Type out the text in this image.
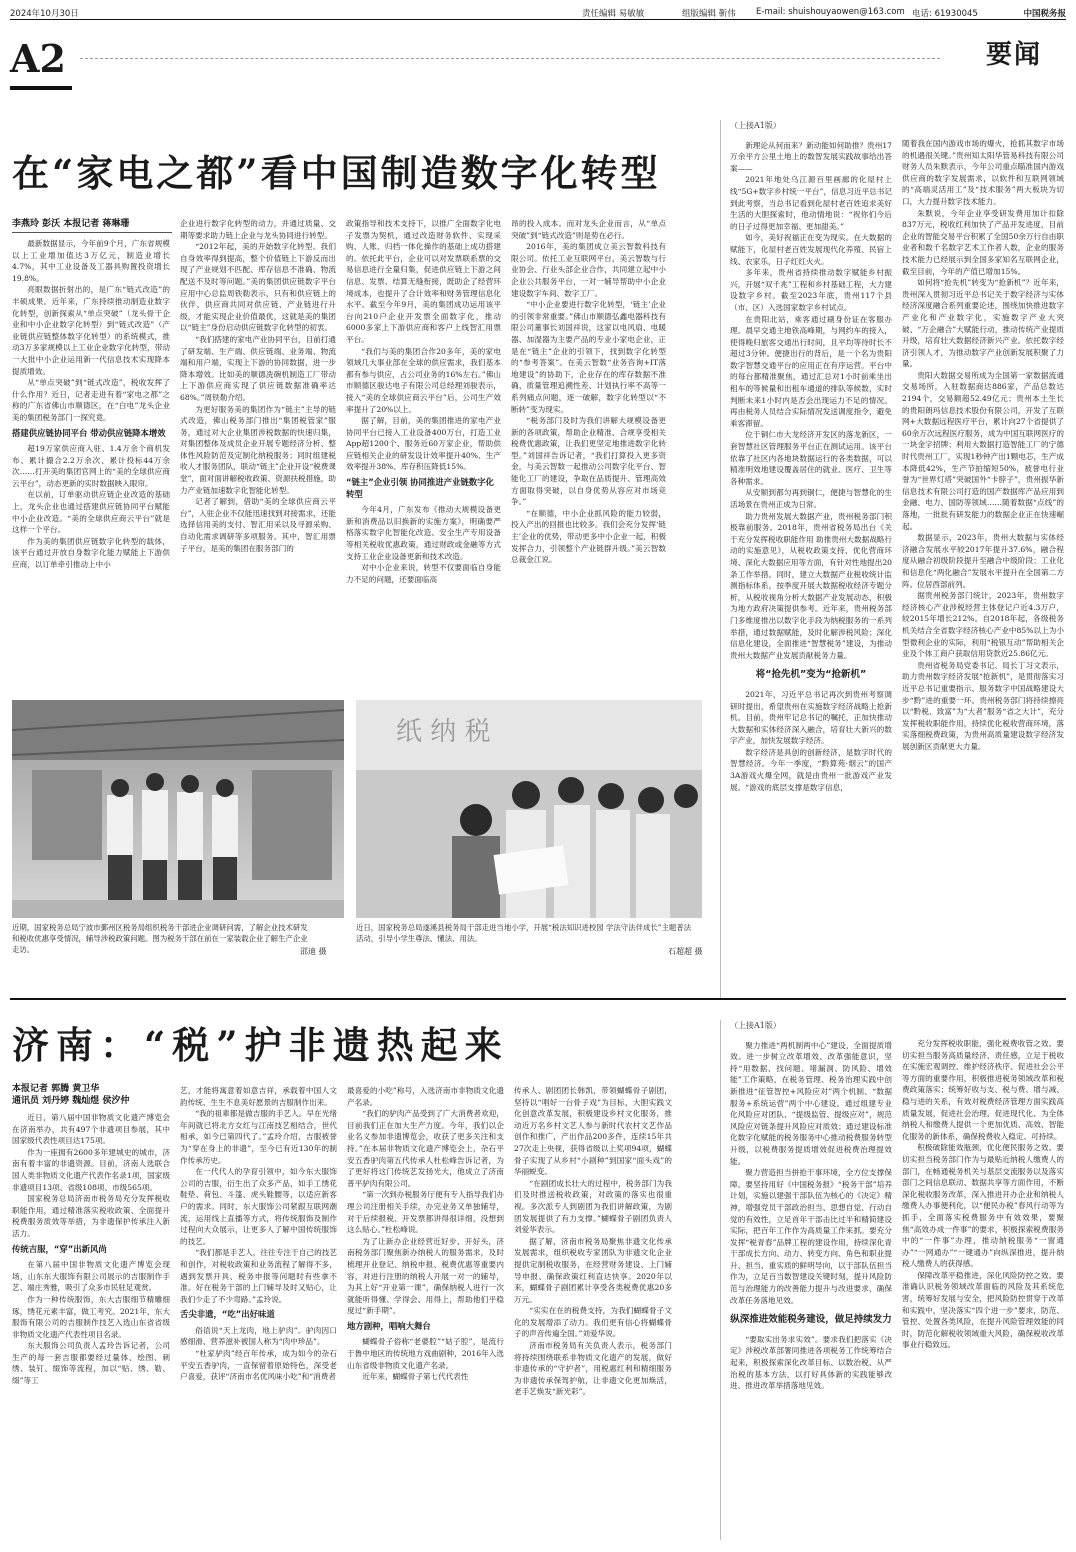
2024年10月30日	责任编辑 易敏敏	组版编辑 靳伟 E-mail: shuishouyaowen@163.com 电话: 61930045	中国税务报
A2	要闻
在“家电之都”看中国制造数字化转型
李燕玲 彭沃 本报记者 蒋琳珊

最新数据显示，今年前9个月，广东省规模以上工业增加值达3万亿元，制造业增长4.7%，其中工业设备及工器具购置投资增长19.8%。

亮眼数据折射出的，是广东“链式改造”的丰硕成果。近年来，广东持续推动制造业数字化转型，创新探索从“单点突破”（龙头骨干企业和中小企业数字化转型）到“链式改造”（产业链供应链整体数字化转型）的系统模式，推动3万多家规模以上工业企业数字化转型，带动一大批中小企业运用新一代信息技术实现降本提质增效。

从“单点突破”到“链式改造”，税收发挥了什么作用？近日，记者走进有着“家电之都”之称的广东省佛山市顺德区，在“白电”龙头企业美的集团税务部门一探究竟。

搭建供应链协同平台 带动供应链降本增效

超19万家供应商入驻、1.4万余个商机发布、累计撮合2.2万余次、累计投标44万余次……打开美的集团官网上的“美的全球供应商云平台”，动态更新的实时数据映入眼帘。

在以前，订单驱动供应链企业改造的基础上，龙头企业也通过搭建供应链协同平台赋能中小企业改造。“美的全球供应商云平台”就是这样一个平台。

作为美的集团供应链数字化转型的载体，该平台通过开放自身数字化能力赋能上下游供应商，以订单牵引推动上中小

企业进行数字化转型的动力，并通过质量、交期等要求助力链上企业与龙头协同进行转型。

“2012年起，美的开始数字化转型。我们自身效率得到提高，整个价值链上下游反而出现了产业规划不匹配、库存信息不准确、物流配送不及时等问题。”美的集团供应链数字平台应用中心总监周铁勒表示，只有和供应链上的伙伴、供应商共同对供应链、产业链进行升级，才能实现企业价值最优，这就是美的集团以“链主”身份启动供应链数字化转型的初衷。

“我们搭建的家电产业协同平台，目前打通了研发端、生产端、供应链端、业务端、物流端和用户端，实现上下游的协同数据，进一步降本增效。比如美的顺德洗碗机制造工厂带动上下游供应商实现了供应链数据准确率达68%。”周铁勒介绍。

为更好服务美的集团作为“链主”主导的链式改造，佛山税务部门推出“集团税管家”服务，通过对大企业集团涉税数据的快速归集，对集团整体及成员企业开展专题经济分析、整体性风险防范及定制化纳税服务；同时组建税收人才服务团队，联动“链主”企业开设“税费课堂”，面对面讲解税收政策、资源扶税措施，助力产业链加速数字化智能化转型。

记者了解到，借助“美的全球供应商云平台”，入驻企业不仅能迅速找到对接需求，还能选择信用美的支付、智汇用采以及寻源采购、自动化需求调研等多项服务。其中，智汇用票子平台，是美的集团在服务部门的

政策指导和技术支持下，以推广全面数字化电子发票为契机，通过改造财务软件、实现采购、人账、归档一体化操作的基础上成功搭建的。依托此平台，企业可以对发票联系票的交易信息进行全量归集，促进供应链上下游之间信息、发票、结算无缝衔接，既助企了经营环境成本，也提升了合计效率和财务管理信息化水平。截至今年9月，美的集团成功运用该平台向210户企业开发票全面数字化，推动6000多家上下游供应商和客户上线智汇用票平台。

“我们与美的集团合作20多年，美的家电领域几大事业部在全球的供应需求，我们基本都有参与供应，占公司业务的16%左右。”佛山市顺德区骏达电子有限公司总经理刘骏表示，接入“美的全球供应商云平台”后，公司生产效率提升了20%以上。

据了解，目前，美的集团推进的家电产业协同平台已接入工业设备400万台，打造工业App超1200个、服务近60万家企业，帮助供应链相关企业的研发设计效率提升40%、生产效率提升38%、库存积压降低15%。

“链主”企业引领 协同推进产业链数字化转型

今年4月，广东发布《推动大规模设备更新和消费品以旧换新的实施方案》，明确要严格落实数字化智能化改造、安全生产专用设备等相关税收优惠政策，通过财政或金融等方式支持工业企业设备更新和技术改造。

对中小企业来说，转型不仅要面临自身能力不足的问题，还要面临高

昂的投入成本。而对龙头企业而言，从“单点突破”到“链式改造”则是势在必行。

2016年，美的集团成立美云智数科技有限公司。依托工业互联网平台，美云智数与行业协会、行业头部企业合作，共同建立起中小企业公共服务平台，一对一辅导帮助中小企业建设数字车间、数字工厂。

“中小企业要进行数字化转型，‘链主’企业的引领非常重要。”佛山市顺德弘鑫电器科技有限公司董事长刘国祥说，这家以电风扇、电暖器、加湿器为主要产品的专业小家电企业，正是在“链主”企业的引领下，找到数字化转型的“参考答案”。在美云智数“业务咨询+IT落地建设”的协助下，企业存在的库存数据不准确、质量管理追溯性差、计划执行率不高等一系列痛点问题，逐一破解，数字化转型以“不断转”变为现实。

“税务部门及时为我们讲解大规模设备更新的各项政策，帮助企业精准、合规享受相关税费优惠政策，让我们更坚定地推进数字化转型。”刘国祥告诉记者，“我们打算投入更多资金，与美云智数一起推动公司数字化平台、智能化工厂的建设，争取在品质提升、管理高效方面取得突破，以自身优势从容应对市场竞争。”

“在顺德，中小企业抓风险的能力较弱，投入产出的回报也比较多。我们会充分发挥‘链主’企业的优势，带动更多中小企业一起，积极发挥合力，引领整个产业链群升级。”美云智数总裁金江说。

近期，国家税务总局宁波市鄞州区税务局组织税务干部进企业调研问需，了解企业技术研发和税收优惠享受情况，辅导涉税政策问题。图为税务干部在前在一家装载企业了解生产企业走访。	邵迪 摄
纸 纳 税
近日，国家税务总局遂溪县税务局干部走进当地小学，开展“税法知识进校园 学法守法伴成长”主题普法活动，引导小学生尊法、懂法、用法。
石超超 摄
（上接A1版）

新理论从何而来？新动能如何助推？贵州17万余平方公里土地上的数智发展实践故事给出答案——

2021年地处乌江源百里画廊的化屋村上线“5G+数字乡村统一平台”，信息习近平总书记到此考察，当总书记看到化屋村老百姓追求美好生活的大胆探索时，他动情地说：“祝你们今后的日子过得更加幸福、更加甜美。”

如今，美好祝福正在变为现实。在大数据的赋能下，化屋村老百姓发展现代化养殖、民宿上线、农家乐，日子红红火火。

多年来，贵州省持续推动数字赋能乡村振兴，开展“双千兆”工程和乡村基础工程，大力建设数字乡村。截至2023年底，贵州117个县（市、区）入选国家数字乡村试点。

在贵阳北站，乘客通过刷身份证在客服办理。晨早交通主地铁高峰期，与网约车的接入，使得晚归旅客交通出行时间，且平均等待时长不超过3分钟。便捷出行的背后，是一个名为贵阳数字智慧交通平台的应用正在有序运营。平台中的每台都精准聚焦，通过汇总对1小时前乘坐出租车的等候量和出租车通道的排队等候数，实时判断未来1小时内是否会出现运力不足的情况。再由税务人员结合实际情况发送调度指令，避免乘客滞留。

位于铜仁市大龙经济开发区的落龙新区，一套智慧社区管理服务平台正在测试运用。该平台依靠了社区内各地块数据运行的各类数据，可以精准明效地建设覆盖居住的就业、医疗、卫生等各种需求。

从安顺到都匀再到铜仁，便捷与智慧化的生活场景在贵州正成为日常。

助力贵州发展大数据产业，贵州税务部门积极靠前服务。2018年，贵州省税务局出台《关于充分发挥税收职能作用 助推贵州大数据战略行动的实施意见》，从税收政策支持、优化营商环境、深化大数据应用等方面，有针对性地提出20条工作举措。同时，建立大数据产业税收统计监测指标体系，按季度开展大数据税收经济专题分析，从税收视角分析大数据产业发展动态，积极为地方政府决策提供参考。近年来，贵州税务部门多维度推出以数字化手段为纳税服务的一系列举措，通过数据赋能，及时化解涉税风险；深化信息化建设，全面推进“智慧税务”建设，为推动贵州大数据产业发展贡献税务力量。

将“抢先机”变为“抢新机”

2021年，习近平总书记再次到贵州考察调研时提出，希望贵州在实施数字经济战略上抢新机。目前，贵州牢记总书记的嘱托，正加快推动大数据和实体经济深入融合，培育壮大新兴的数字产业，加快发展数字经济。

数字经济是具创的创新经济，是数字时代的智慧经济。今年一季度，“黔算苑·烟云”的国产3A游戏火爆全网，就是由贵州一批游戏产业发展。“游戏的底层支撑是数字信息，

随着我在国内游戏市场的爆火，抢抓其数字市场的机遇很关键。”贵州知太阳华管易科技有限公司财务人员朱默表示，今年公司重点瞄准国内游戏供应商的数字发展需求，以软件和互联网领域的“高端灵活用工”及“技术服务”两大板块为切口，大力提升数字技术能力。

朱默说，今年企业享受研发费用加计扣除837万元，税收红利加快了产品开发进度，目前企业的智能交易平台积累了全国50余万行自由职业者和数千名数字艺术工作者人数，企业的服务技术能力已经展示到全国多家知名互联网企业，截至目前，今年的产值已增加15%。

如何将“抢先机”转变为“抢新机”？近年来，贵州深入贯彻习近平总书记关于数字经济与实体经济深度融合系列重要论述，围绕加快推进数字产业化和产业数字化，实施数字产业大突破、“万企融合”大赋能行动，推动传统产业提质升级，培育壮大数据经济新兴产业。依托数字经济引领人才，为推动数字产业创新发展积聚了力量。

贵阳大数据交易所成为全国第一家数据流通交易场所，入驻数据商达886家，产品总数达2194个，交易额超52.49亿元；贵州本土生长的贵阳朗玛信息技术股份有限公司，开发了互联网+大数据远程医疗平台，累计向27个省提供了60余万次远程医疗服务，成为中国互联网医疗的一块金字招牌；利用大数据打造智能工厂的宁德时代贵州工厂，实现1秒钟产出1颗电芯，生产成本降低42%，生产节拍缩短50%，被誉电行业誉为“世界灯塔”突破国外“卡脖子”，贵州振华新信息技术有限公司打造的国产数据库产品应用到金融、电力、国防等领域……随着数据“点线”的落地，一批批有研发能力的数据企业正在快速崛起。

数据显示，2023年，贵州大数据与实体经济融合发展水平较2017年提升37.6%，融合程度从融合初级阶段提升至融合中级阶段；工业化和信息化“两化融合”发展水平提升在全国第二方阵。位居西部前列。

据贵州税务部门统计，2023年，贵州数字经济核心产业涉税经营主体登记户近4.3万户，较2015年增长212%。自2018年起，各级税务机关结合全省数字经济核心产业中85%以上为小型微利企业的实际，利用“税银互动”帮助相关企业及个体工商户获取信用贷款近25.86亿元。

贵州省税务局党委书记、局长丁习文表示，助力贵州数字经济发展“抢新机”，是贯彻落实习近平总书记重要指示、服务数字中国战略建设大步“黔”进的重要一环。贵州税务部门将持续擦亮以“黔税、致富”为“大者”服务“省之大计”，充分发挥税收职能作用，持续优化税收营商环境，落实落细税费政策，为贵州高质量建设数字经济发展创新区贡献更大力量。

济南：“税”护非遗热起来
本报记者 郭腾 黄卫华
通讯员 刘丹婷 魏灿煜 侯汐仲

近日，第八届中国非物质文化遗产博览会在济南举办，共有497个非遗项目参展，其中国家级代表性项目达175项。

作为一座拥有2600多年建城史的城市，济南有着丰富的非遗资源。目前，济南人选联合国人类非物质文化遗产代表作名录1项，国家级非遗项目13项、省级108项、市级565项。

国家税务总局济南市税务局充分发挥税收职能作用，通过精准落实税收政策、全面提升税费服务质效等举措，为非遗保护传承注入新活力。

传统吉服，“穿”出新风尚

在第八届中国非物质文化遗产博览会现场，山东东大服饰有限公司展示的吉服制作手艺、端庄秀雅，吸引了众多市民驻足观赏。

作为一种传统服饰，东大吉服细节精雕细琢，绣花元素丰富，做工考究。2021年，东大服饰有限公司的吉服制作技艺入选山东省省级非物质文化遗产代表性项目名录。

东大服饰公司负责人孟玲告诉记者，公司生产的每一套吉服都要经过量体、绘图、刺绣、装钉、缀饰等流程，加以“贴、绣、勒、缀”等工

艺，才能将寓意着如意吉祥，承载着中国人文韵传统、生生不息美好愿景的吉服制作出来。

“我的祖辈都是做吉服的手艺人。早在光绪年间就已将北方女红与江南技艺相结合，世代相承，如今已第四代了。”孟玲介绍，吉服被誉为“穿在身上的非遗”，至今已有近130年的制作传承历史。

在一代代人的孕育引领中，如今东大服饰公司的吉服，衍生出了众多产品，如手工绣花鞋垫、荷包、斗篷、虎头鞋腰等，以适应新客户的需求。同时，东大服饰公司紧跟互联网潮流，运用线上直播等方式，将传统服饰及制作过程向大众展示，让更多人了解中国传统服饰的技艺。

“我们都是手艺人，往往专注于自己的技艺和创作，对税收政策和业务流程了解得不多，遇到发票开具、税务申报等问题时有些拿不准。好在税务干部的上门辅导及时又贴心，让我们少走了不少弯路。”孟玲说。

舌尖非遗，“吃”出好味道

俗语说“天上龙肉，地上驴肉”。驴肉因口感细滑、营养滋补被国人称为“肉中珍品”。

“杜家驴肉”经百年传承，成为如今的杂石平安五香驴肉，一直保留着原始特色，深受老户喜爱，获评“济南市名优风味小吃”和“消费者

最喜爱的小吃”称号，入选济南市非物质文化遗产名录。

“我们的驴肉产品受到了广大消费者欢迎，目前我们正在加大生产力度。今年，我们以企业名义参加非遗博览会，收获了更多关注和支持。”在本届非物质文化遗产博览会上，杂石平安五香驴肉第五代传承人杜松峰告诉记者，为了更好将这门传统艺发扬光大，他成立了济南普平驴肉有限公司。

“第一次到办税服务厅便有专人指导我们办理公司注册相关手续，办完业务又单独辅导，对于后续报税、开发票都讲得很详细，没想到这么贴心。”杜松峰说。

为了让新办企业经营近好步、开好头，济南税务部门聚焦新办纳税人的服务需求，及时梳理开业登记、纳税申报、税费优惠等重要内容，对进行注册的纳税人开展一对一的辅导，为其上好“开业第一课”，确保纳税人进行一次就能听得懂、学得会、用得上，帮助他们平稳度过“新手期”。

地方剧种，唱响大舞台

蝴蝶骨子俗称“老婆腔”“姑子腔”，是流行于鲁中地区的传统地方戏曲剧种，2016年入选山东省级非物质文化遗产名录。

近年来，蝴蝶骨子第七代代表性

传承人、剧团团长韩凯，带领蝴蝶骨子剧团，坚持以“唱好一台骨子戏”为目标，大胆实践文化创意改革发展，积极建设乡村文化服务，推动近万名乡村文艺人参与新时代农村文艺作品创作和推广，产出作品200多件，连续15年共27次走上央视，获得省级以上奖项94项，蝴蝶骨子实现了从乡村“小剧种”到国家“面头戏”的华丽蜕变。

“在剧团成长壮大的过程中，税务部门为我们及时推送税收政策，对政策的落实也很重视。多次派专人到剧团为我们讲解政策，为剧团发展提供了有力支撑。”蝴蝶骨子剧团负责人刘爱华表示。

据了解，济南市税务局聚焦非遗文化传承发展需求，组织税收专家团队为非遗文化企业提供定制税收服务，在经营财务建设、上门辅导申报、确保政策红利直达快享。2020年以来，蝴蝶骨子剧团累计享受各类税费优惠20多万元。

“实实在在的税费支持，为我们蝴蝶骨子文化的发展增添了动力。我们更有信心将蝴蝶骨子的声音传遍全国。”刘爱华说。

济南市税务局有关负责人表示，税务部门将持续围绕联系非物质文化遗产的发展，做好非遗传承的“守护者”，用税惠红利和精细服务为非遗传承保驾护航，让非遗文化更加焕活，老手艺焕发“新光彩”。

（上接A1版）

聚力推进“两机制两中心”建设，全面提质增效。进一步树立改革增效、改革强能意识，坚持“用数据、找问题、堵漏洞、防风险、增效能”工作策略，在税务管理、税务治理实践中创新推进“征管智控+风险应对”两个机制、“数据服务+系统运营”两个中心建设。通过组建专业化风险应对团队、“提级监管、提级应对”，规范风险应对链条提升风险应对质效；通过建设标准化数字化赋能的税务服务中心推动税费服务转型升级，以税费服务提质增效促进税费治理提效能。

聚力营造担当拼抢干事环境，全方位支撑保障。要坚持用好《中国税务报》“税务干部”培养计划，实施以建强干部队伍为核心的《决定》精神，增强党员干部政治担当、思想自觉、行动自觉的有效性，立足首年干部击比过半和精简建设实际，把百年工作作为高质量工作来抓。要充分发挥“税青春”品牌工程的建设作用，持续深化青干部成长方向、动力、转变方向、角色和职业提升、担当、重实质的鲜明导向，以于部队伍担当作为，立足百当数智建设关键时刻，提升风险防范与治理能力的改善能力提升与改进要求，确保改革任务落地见效。

纵深推进效能税务建设，做足持续发力

“要取实出务求实效”。要求我们把落实《决定》涉税改革部署同推进各项税务工作统筹结合起来，积极探索深化改革目标、以数治税、从严治税的基本方法，以打好具体新的实践能够改进、推进改革举措落地见效。

充分发挥税收职能，强化税费收管之效。要切实担当服务高质量经济、责任感，立足于税收在实施宏观调控、维护经济秩序、促进社会公平等方面的重要作用，积极推进税务领域改革和税费政策落实；统筹好收与支、税与费、增与减、稳与进的关系，有效对税费经济管理方面实践高质量发展，促进社会治理、促进现代化、为全体纳税人和缴费人提供一个更加优质、高效、智能化服务的新体系，确保税费收入稳定、可持续。

积极破除能效瓶颈，优化便民服务之效。要切实担当税务部门作为与最贴近纳税人缴费人的部门，在畅通税务机关与基层交流服务以及落实部门之间信息联动、数据共享等方面作用，不断深化税收服务改革，深入推进开办企业和纳税人缴费人办事便利化，以“便民办税”春风行动等为抓手，全面落实税费服务中有效效果，要聚焦“高效办成一件事”的要求，积极探索税费服务中的“一件事”办理，推动纳税服务“一窗通办”“一网通办”“一键通办”向纵深推进，提升纳税人缴费人的获得感。

保障改革平稳推进，深化风险防控之效。要准确认识税务领域改革面临的风险及其系统危害，统筹好发展与安全，把风险防控贯穿于改革和实践中，坚决落实“四个进一步”要求，防范、管控、处置各类风险，在提升风险管理效能的同时，防范化解税收领域重大风险，确保税收改革事业行稳致远。
